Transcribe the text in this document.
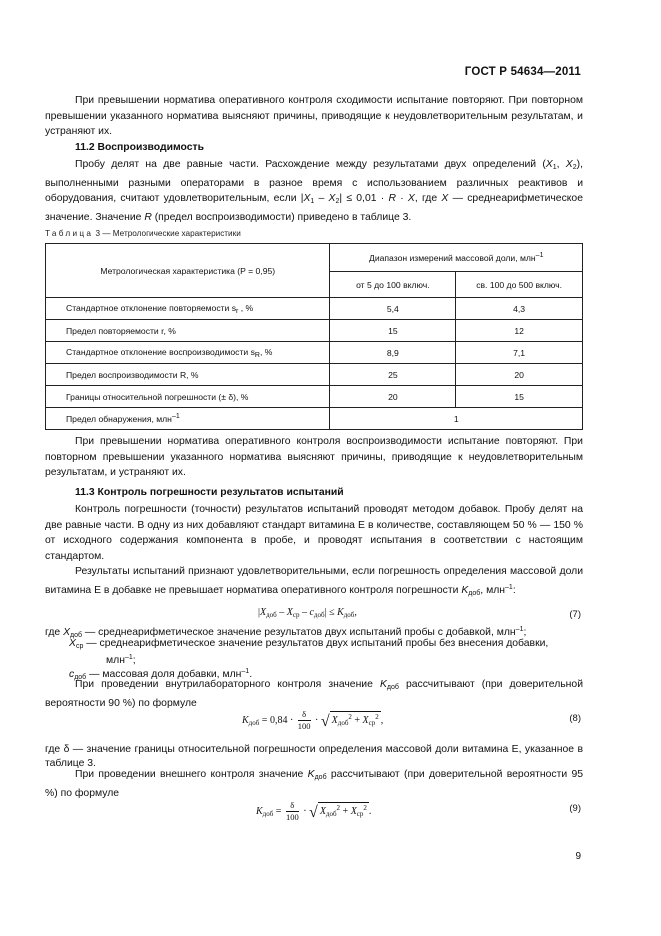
ГОСТ Р 54634—2011

При превышении норматива оперативного контроля сходимости испытание повторяют. При повторном превышении указанного норматива выясняют причины, приводящие к неудовлетворительным результатам, и устраняют их.

11.2 Воспроизводимость

Пробу делят на две равные части. Расхождение между результатами двух определений ($X_1$, $X_2$), выполненными разными операторами в разное время с использованием различных реактивов и оборудования, считают удовлетворительным, если $|X_1 - X_2| \le 0,01 \cdot R \cdot X$, где X — среднеарифметическое значение. Значение R (предел воспроизводимости) приведено в таблице 3.

Таблица 3 — Метрологические характеристики
Метрологическая характеристика (P = 0,95)	Диапазон измерений массовой доли, млн$^{-1}$
	от 5 до 100 включ.	св. 100 до 500 включ.
Стандартное отклонение повторяемости $s_r$ , %	5,4	4,3
Предел повторяемости r, %	15	12
Стандартное отклонение воспроизводимости $s_R$, %	8,9	7,1
Предел воспроизводимости R, %	25	20
Границы относительной погрешности (± δ), %	20	15
Предел обнаружения, млн$^{-1}$	1	

При превышении норматива оперативного контроля воспроизводимости испытание повторяют. При повторном превышении указанного норматива выясняют причины, приводящие к неудовлетворительным результатам, и устраняют их.

11.3 Контроль погрешности результатов испытаний

Контроль погрешности (точности) результатов испытаний проводят методом добавок. Пробу делят на две равные части. В одну из них добавляют стандарт витамина Е в количестве, составляющем 50 % — 150 % от исходного содержания компонента в пробе, и проводят испытания в соответствии с настоящим стандартом.

Результаты испытаний признают удовлетворительными, если погрешность определения массовой доли витамина Е в добавке не превышает норматива оперативного контроля погрешности $K_{доб}$, млн$^{-1}$:

$|X_{доб} - X_{ср} - c_{доб}| \le K_{доб}$,	(7)
где $X_{доб}$ — среднеарифметическое значение результатов двух испытаний пробы с добавкой, млн$^{-1}$;
$X_{ср}$ — среднеарифметическое значение результатов двух испытаний пробы без внесения добавки,
млн$^{-1}$;
$c_{доб}$ — массовая доля добавки, млн$^{-1}$.

При проведении внутрилабораторного контроля значение $K_{доб}$ рассчитывают (при доверительной вероятности 90 %) по формуле

$K_{доб} = 0,84 \cdot \frac{\delta}{100}$ · √ $X_{доб}^2 + X_{ср}^2$ ,	(8)
где δ — значение границы относительной погрешности определения массовой доли витамина Е, указанное в таблице 3.

При проведении внешнего контроля значение $K_{доб}$ рассчитывают (при доверительной вероятности 95 %) по формуле

$K_{доб} = \frac{\delta}{100}$ · √ $X_{доб}^2 + X_{ср}^2$ .	(9)
9
